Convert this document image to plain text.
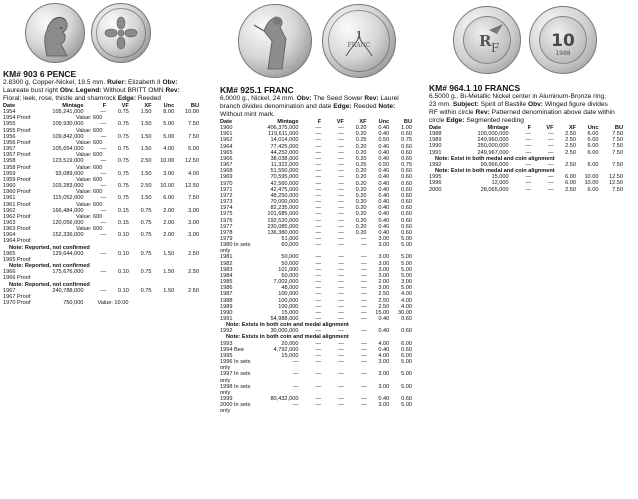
KM# 903 6 PENCE
2.8300 g, Copper-Nickel, 19.5 mm. Ruler: Elizabeth II Obv:
Laureate bust right Obv. Legend: Without BRITT OMN Rev:
Floral; leek, rose, thistle and shamrock Edge: Reeded
Date	Mintage	F	VF	XF	Unc	BU
1954	105,241,000	—	0.75	1.50	8.00	10.00
1954 Proof	Value: 600					
1955	109,930,000	—	0.75	1.50	5.00	7.50
1955 Proof	Value: 600					
1956	109,842,000	—	0.75	1.50	5.00	7.50
1956 Proof	Value: 600					
1957	105,654,000	—	0.75	1.50	4.00	5.00
1957 Proof	Value: 600					
1958	123,519,000	—	0.75	2.50	10.00	12.50
1958 Proof	Value: 600					
1959	93,089,000	—	0.75	1.50	3.00	4.00
1959 Proof	Value: 600					
1960	103,283,000	—	0.75	2.50	10.00	12.50
1960 Proof	Value: 600					
1961	115,052,000	—	0.75	1.50	6.00	7.50
1961 Proof	Value: 600					
1962	166,484,000	—	0.15	0.75	2.00	3.00
1962 Proof	Value: 600					
1963	120,056,000	—	0.15	0.75	2.00	3.00
1963 Proof	Value: 600					
1964	152,336,000	—	0.10	0.75	2.00	3.00
1964 Proof						
Note: Reported, not confirmed						
1965	129,644,000	—	0.10	0.75	1.50	2.50
1965 Proof						
Note: Reported, not confirmed						
1966	175,676,000	—	0.10	0.75	1.50	2.50
1966 Proof						
Note: Reported, not confirmed						
1967	240,788,000	—	0.10	0.75	1.50	2.50
1967 Proof						
1970 Proof	750,000	Value: 10.00				
1
FRANC
KM# 925.1 FRANC
6.0000 g., Nickel, 24 mm. Obv: The Seed Sower Rev: Laurel
branch divides denomination and date Edge: Reeded Note:
Without mint mark.
Date	Mintage	F	VF	XF	Unc	BU
1960	406,375,000	—	—	0.20	0.40	1.00
1961	119,611,000	—	—	0.20	0.40	0.60
1962	14,014,000	—	—	0.25	0.50	0.75
1964	77,425,000	—	—	0.20	0.40	0.60
1965	44,252,000	—	—	0.20	0.40	0.60
1966	38,038,000	—	—	0.20	0.40	0.60
1967	11,322,000	—	—	0.25	0.50	0.75
1968	51,550,000	—	—	0.20	0.40	0.60
1969	70,595,000	—	—	0.20	0.40	0.60
1970	42,560,000	—	—	0.20	0.40	0.60
1971	42,475,000	—	—	0.20	0.40	0.60
1972	48,250,000	—	—	0.20	0.40	0.60
1973	70,000,000	—	—	0.20	0.40	0.60
1974	82,235,000	—	—	0.20	0.40	0.60
1975	101,685,000	—	—	0.20	0.40	0.60
1976	192,520,000	—	—	0.20	0.40	0.60
1977	230,085,000	—	—	0.20	0.40	0.60
1978	136,380,000	—	—	0.20	0.40	0.60
1979	51,000	—	—	—	3.00	5.00
1980 In sets only	60,000	—	—	—	3.00	5.00
1981	50,000	—	—	—	3.00	5.00
1982	50,000	—	—	—	3.00	5.00
1983	101,000	—	—	—	3.00	5.00
1984	50,000	—	—	—	3.00	5.00
1985	7,002,000	—	—	—	2.00	3.00
1986	48,000	—	—	—	3.00	5.00
1987	100,000	—	—	—	2.50	4.00
1988	100,000	—	—	—	2.50	4.00
1989	100,000	—	—	—	2.50	4.00
1990	15,000	—	—	—	15.00	30.00
1991	54,988,000	—	—	—	0.40	0.60
Note: Exists in both coin and medal alignment						
1992	30,000,000	—	—	—	0.40	0.60
Note: Exists in both coin and medal alignment						
1993	20,000	—	—	—	4.00	6.00
1994 Bee	4,792,000	—	—	—	0.40	0.60
1995	15,000	—	—	—	4.00	6.00
1996 In sets only	—	—	—	—	3.00	5.00
1997 In sets only	—	—	—	—	3.00	5.00
1998 In sets only	—	—	—	—	3.00	5.00
1999	80,432,000	—	—	—	0.40	0.60
2000 In sets only	—	—	—	—	3.00	5.00
R F	10
1988
KM# 964.1 10 FRANCS
6.5000 g., Bi-Metallic Nickel center in Aluminum-Bronze ring,
23 mm. Subject: Spirit of Bastille Obv: Winged figure divides
RF within circle Rev: Patterned denomination above date within
circle Edge: Segmented reeding
Date	Mintage	F	VF	XF	Unc	BU
1988	100,000,000	—	—	2.50	6.00	7.50
1989	249,960,000	—	—	2.50	6.00	7.50
1990	250,000,000	—	—	2.50	6.00	7.50
1991	249,967,000	—	—	2.50	6.00	7.50
Note: Exist in both medal and coin alignment						
1992	99,966,000	—	—	2.50	6.00	7.50
Note: Exist in both medal and coin alignment						
1995	15,000	—	—	6.00	10.00	12.50
1996	12,000	—	—	6.00	10.00	12.50
2000	28,065,000	—	—	2.50	6.00	7.50
